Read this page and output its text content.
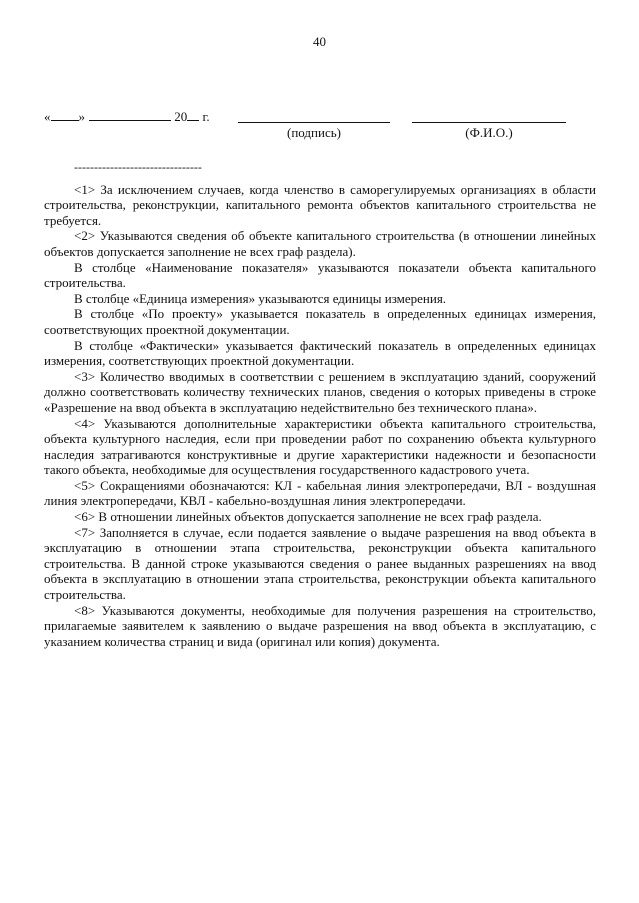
40
« »	20 г.
(подпись)	(Ф.И.О.)
--------------------------------

<1> За исключением случаев, когда членство в саморегулируемых организациях в области строительства, реконструкции, капитального ремонта объектов капитального строительства не требуется.

<2> Указываются сведения об объекте капитального строительства (в отношении линейных объектов допускается заполнение не всех граф раздела).

В столбце «Наименование показателя» указываются показатели объекта капитального строительства.

В столбце «Единица измерения» указываются единицы измерения.

В столбце «По проекту» указывается показатель в определенных единицах измерения, соответствующих проектной документации.

В столбце «Фактически» указывается фактический показатель в определенных единицах измерения, соответствующих проектной документации.

<3> Количество вводимых в соответствии с решением в эксплуатацию зданий, сооружений должно соответствовать количеству технических планов, сведения о которых приведены в строке «Разрешение на ввод объекта в эксплуатацию недействительно без технического плана».

<4> Указываются дополнительные характеристики объекта капитального строительства, объекта культурного наследия, если при проведении работ по сохранению объекта культурного наследия затрагиваются конструктивные и другие характеристики надежности и безопасности такого объекта, необходимые для осуществления государственного кадастрового учета.

<5> Сокращениями обозначаются: КЛ - кабельная линия электропередачи, ВЛ - воздушная линия электропередачи, КВЛ - кабельно-воздушная линия электропередачи.

<6> В отношении линейных объектов допускается заполнение не всех граф раздела.

<7> Заполняется в случае, если подается заявление о выдаче разрешения на ввод объекта в эксплуатацию в отношении этапа строительства, реконструкции объекта капитального строительства. В данной строке указываются сведения о ранее выданных разрешениях на ввод объекта в эксплуатацию в отношении этапа строительства, реконструкции объекта капитального строительства.

<8> Указываются документы, необходимые для получения разрешения на строительство, прилагаемые заявителем к заявлению о выдаче разрешения на ввод объекта в эксплуатацию, с указанием количества страниц и вида (оригинал или копия) документа.
